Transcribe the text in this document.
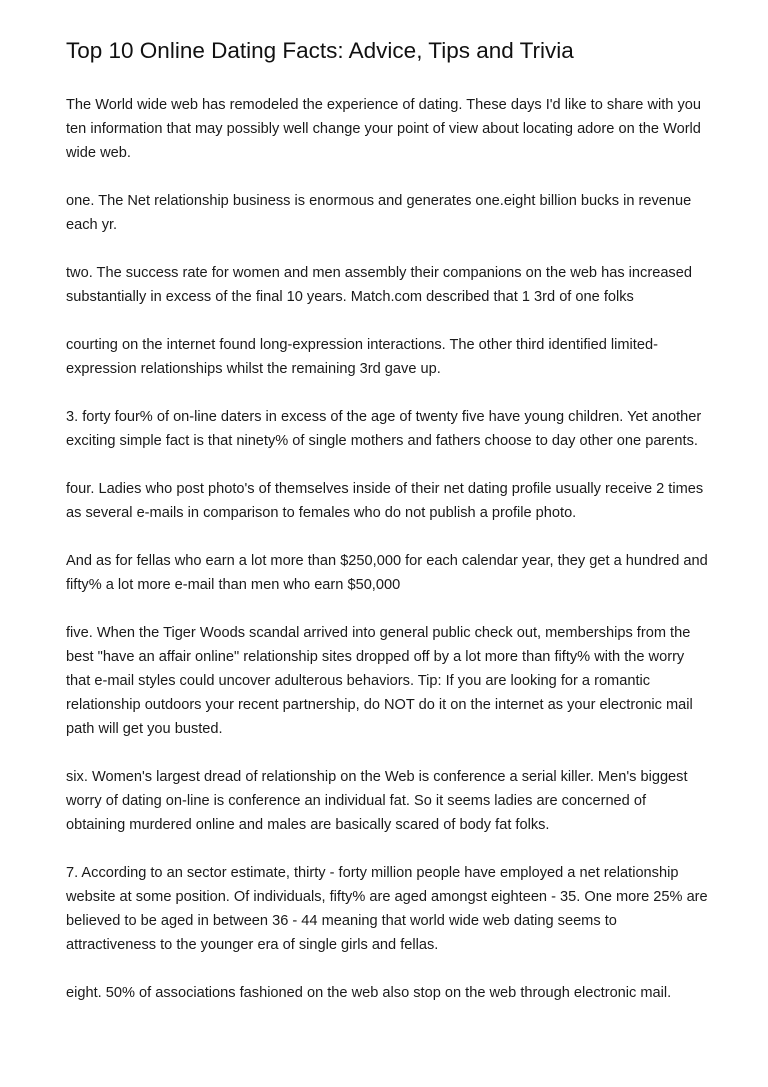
Top 10 Online Dating Facts: Advice, Tips and Trivia

The World wide web has remodeled the experience of dating. These days I'd like to share with you ten information that may possibly well change your point of view about locating adore on the World wide web.

one. The Net relationship business is enormous and generates one.eight billion bucks in revenue each yr.

two. The success rate for women and men assembly their companions on the web has increased substantially in excess of the final 10 years. Match.com described that 1 3rd of one folks

courting on the internet found long-expression interactions. The other third identified limited-expression relationships whilst the remaining 3rd gave up.

3. forty four% of on-line daters in excess of the age of twenty five have young children. Yet another exciting simple fact is that ninety% of single mothers and fathers choose to day other one parents.

four. Ladies who post photo's of themselves inside of their net dating profile usually receive 2 times as several e-mails in comparison to females who do not publish a profile photo.

And as for fellas who earn a lot more than $250,000 for each calendar year, they get a hundred and fifty% a lot more e-mail than men who earn $50,000

five. When the Tiger Woods scandal arrived into general public check out, memberships from the best "have an affair online" relationship sites dropped off by a lot more than fifty% with the worry that e-mail styles could uncover adulterous behaviors. Tip: If you are looking for a romantic relationship outdoors your recent partnership, do NOT do it on the internet as your electronic mail path will get you busted.

six. Women's largest dread of relationship on the Web is conference a serial killer. Men's biggest worry of dating on-line is conference an individual fat. So it seems ladies are concerned of obtaining murdered online and males are basically scared of body fat folks.

7. According to an sector estimate, thirty - forty million people have employed a net relationship website at some position. Of individuals, fifty% are aged amongst eighteen - 35. One more 25% are believed to be aged in between 36 - 44 meaning that world wide web dating seems to attractiveness to the younger era of single girls and fellas.

eight. 50% of associations fashioned on the web also stop on the web through electronic mail.
